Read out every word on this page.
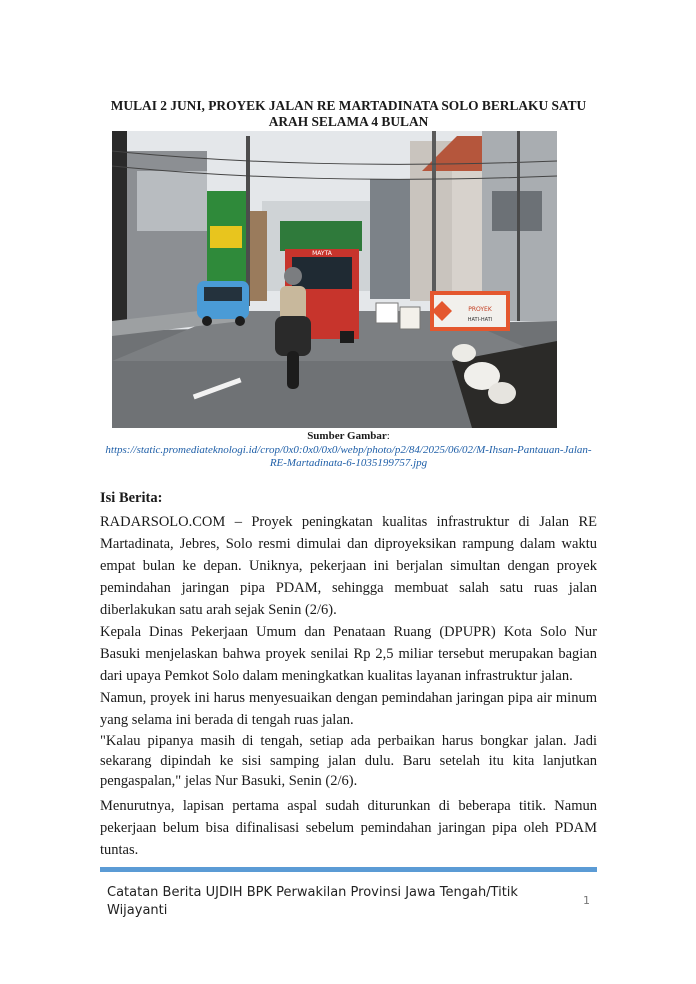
MULAI 2 JUNI, PROYEK JALAN RE MARTADINATA SOLO BERLAKU SATU ARAH SELAMA 4 BULAN
MAYTA
PROYEK
HATI-HATI
Sumber Gambar:
https://static.promediateknologi.id/crop/0x0:0x0/0x0/webp/photo/p2/84/2025/06/02/M-Ihsan-Pantauan-Jalan-RE-Martadinata-6-1035199757.jpg
Isi Berita:

RADARSOLO.COM – Proyek peningkatan kualitas infrastruktur di Jalan RE Martadinata, Jebres, Solo resmi dimulai dan diproyeksikan rampung dalam waktu empat bulan ke depan. Uniknya, pekerjaan ini berjalan simultan dengan proyek pemindahan jaringan pipa PDAM, sehingga membuat salah satu ruas jalan diberlakukan satu arah sejak Senin (2/6).

Kepala Dinas Pekerjaan Umum dan Penataan Ruang (DPUPR) Kota Solo Nur Basuki menjelaskan bahwa proyek senilai Rp 2,5 miliar tersebut merupakan bagian dari upaya Pemkot Solo dalam meningkatkan kualitas layanan infrastruktur jalan.

Namun, proyek ini harus menyesuaikan dengan pemindahan jaringan pipa air minum yang selama ini berada di tengah ruas jalan.

"Kalau pipanya masih di tengah, setiap ada perbaikan harus bongkar jalan. Jadi sekarang dipindah ke sisi samping jalan dulu. Baru setelah itu kita lanjutkan pengaspalan," jelas Nur Basuki, Senin (2/6).

Menurutnya, lapisan pertama aspal sudah diturunkan di beberapa titik. Namun pekerjaan belum bisa difinalisasi sebelum pemindahan jaringan pipa oleh PDAM tuntas.

Catatan Berita UJDIH BPK Perwakilan Provinsi Jawa Tengah/Titik Wijayanti
1
